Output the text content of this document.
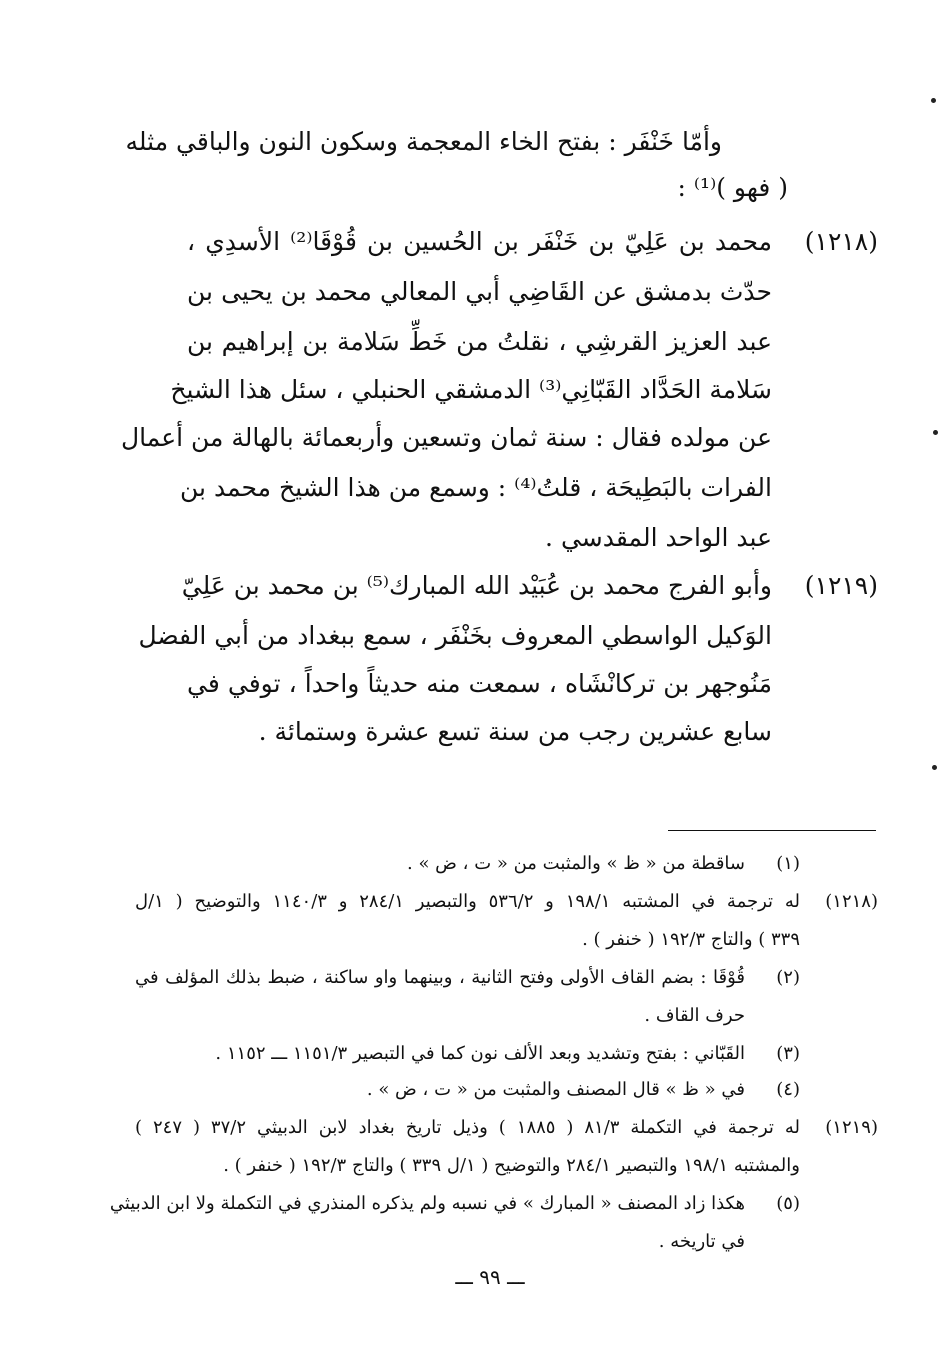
وأمّا خَنْفَر : بفتح الخاء المعجمة وسكون النون والباقي مثله
( فهو )⁽¹⁾ :
(١٢١٨)
محمد بن عَلِيّ بن خَنْفَر بن الحُسين بن قُوْقَا⁽²⁾ الأسدِي ،
حدّث بدمشق عن القَاضِي أبي المعالي محمد بن يحيى بن
عبد العزيز القرشِي ، نقلتُ من خَطِّ سَلامة بن إبراهيم بن
سَلامة الحَدَّاد القَبّانِي⁽³⁾ الدمشقي الحنبلي ، سئل هذا الشيخ
عن مولده فقال : سنة ثمان وتسعين وأربعمائة بالهالة من أعمال
الفرات بالبَطِيحَة ، قلتُ⁽⁴⁾ : وسمع من هذا الشيخ محمد بن
عبد الواحد المقدسي .
(١٢١٩)
وأبو الفرج محمد بن عُبَيْد الله المبارك⁽⁵⁾ بن محمد بن عَلِيّ
الوَكيل الواسطي المعروف بخَنْفَر ، سمع ببغداد من أبي الفضل
مَنُوجهر بن تركانْشَاه ، سمعت منه حديثاً واحداً ، توفي في
سابع عشرين رجب من سنة تسع عشرة وستمائة .
(١)
ساقطة من « ظ » والمثبت من « ت ، ض » .
(١٢١٨)
له ترجمة في المشتبه ١٩٨/١ و ٥٣٦/٢ والتبصير ٢٨٤/١ و ١١٤٠/٣ والتوضيح ( ١/ل
٣٣٩ ) والتاج ١٩٢/٣ ( خنفر ) .
(٢)
قُوْقَا : بضم القاف الأولى وفتح الثانية ، وبينهما واو ساكنة ، ضبط بذلك المؤلف في
حرف القاف .
(٣)
القَبّاني : بفتح وتشديد وبعد الألف نون كما في التبصير ١١٥١/٣ ـــ ١١٥٢ .
(٤)
في « ظ » قال المصنف والمثبت من « ت ، ض » .
(١٢١٩)
له ترجمة في التكملة ٨١/٣ ( ١٨٨٥ ) وذيل تاريخ بغداد لابن الدبيثي ٣٧/٢ ( ٢٤٧ )
والمشتبه ١٩٨/١ والتبصير ٢٨٤/١ والتوضيح ( ١/ل ٣٣٩ ) والتاج ١٩٢/٣ ( خنفر ) .
(٥)
هكذا زاد المصنف « المبارك » في نسبه ولم يذكره المنذري في التكملة ولا ابن الدبيثي
في تاريخه .
ـــ ٩٩ ـــ
